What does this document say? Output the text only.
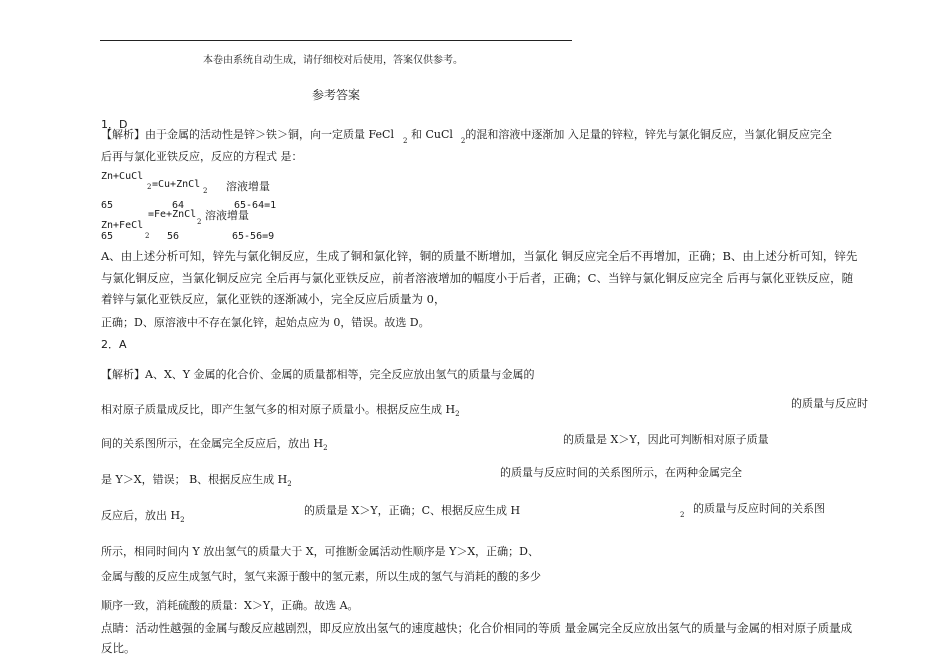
本卷由系统自动生成，请仔细校对后使用，答案仅供参考。
参考答案
1．D
【解析】由于金属的活动性是锌＞铁＞铜，向一定质量 FeCl $_2$ 和 CuCl $_2$的混和溶液中逐渐加 入足量的锌粒，锌先与氯化铜反应，当氯化铜反应完全
后再与氯化亚铁反应，反应的方程式 是：
Zn+CuCl
2 =Cu+ZnCl
2 溶液增量
65	64	65-64=1
Zn+FeCl
2
=Fe+ZnCl
2 溶液增量
65	56	65-56=9
A、由上述分析可知，锌先与氯化铜反应，生成了铜和氯化锌，铜的质量不断增加，当氯化 铜反应完全后不再增加，正确；B、由上述分析可知，锌先与氯化铜反应，当氯化铜反应完 全后再与氯化亚铁反应，前者溶液增加的幅度小于后者，正确；C、当锌与氯化铜反应完全 后再与氯化亚铁反应，随着锌与氯化亚铁反应，氯化亚铁的逐渐减小，完全反应后质量为 0，
正确；D、原溶液中不存在氯化锌，起始点应为 0，错误。故选 D。
2．A
【解析】A、X、Y 金属的化合价、金属的质量都相等，完全反应放出氢气的质量与金属的
相对原子质量成反比，即产生氢气多的相对原子质量小。根据反应生成 $H_2$
的质量与反应时
间的关系图所示，在金属完全反应后，放出 $H_2$
的质量是 X＞Y，因此可判断相对原子质量
是 Y＞X，错误； B、根据反应生成 $H_2$
的质量与反应时间的关系图所示，在两种金属完全
反应后，放出 $H_2$
的质量是 X＞Y，正确；C、根据反应生成 H	2 的质量与反应时间的关系图
所示，相同时间内 Y 放出氢气的质量大于 X，可推断金属活动性顺序是 Y＞X，正确；D、
金属与酸的反应生成氢气时，氢气来源于酸中的氢元素，所以生成的氢气与消耗的酸的多少
顺序一致，消耗硫酸的质量：X＞Y，正确。故选 A。
点睛：活动性越强的金属与酸反应越剧烈，即反应放出氢气的速度越快；化合价相同的等质 量金属完全反应放出氢气的质量与金属的相对原子质量成反比。
